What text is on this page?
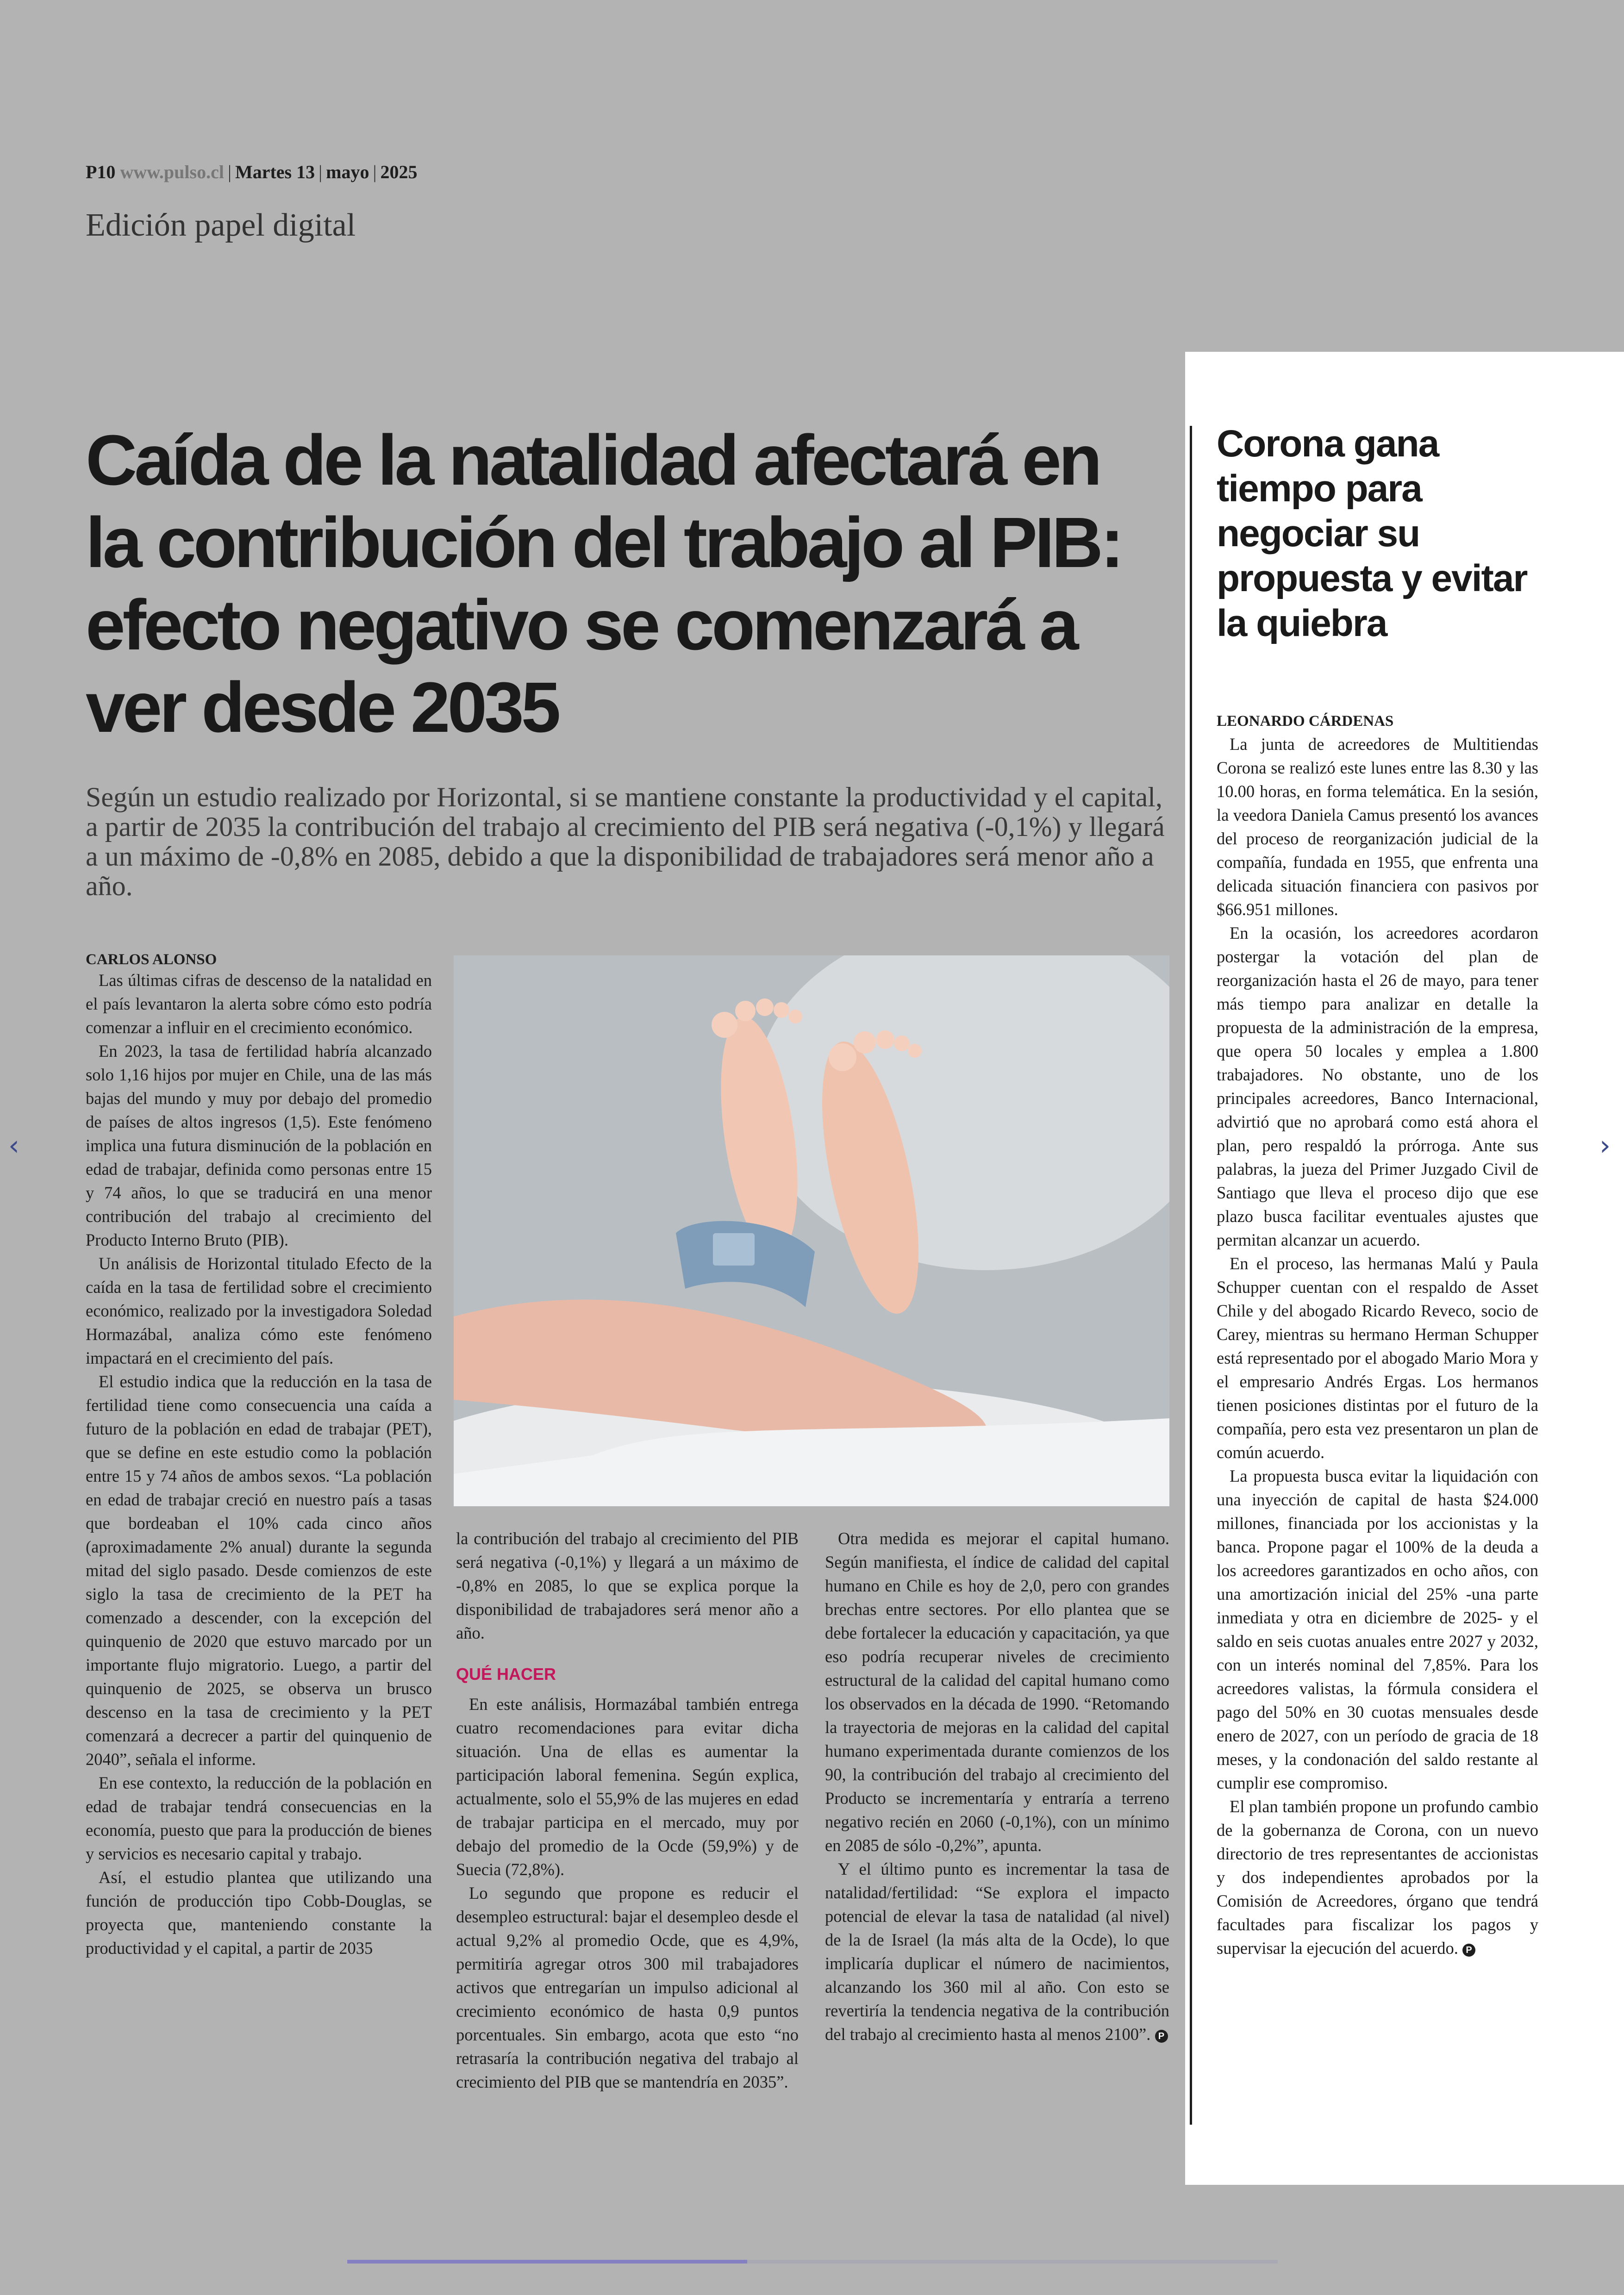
P10 www.pulso.cl | Martes 13 | mayo | 2025
Edición papel digital
Caída de la natalidad afectará en la contribución del trabajo al PIB: efecto negativo se comenzará a ver desde 2035

Según un estudio realizado por Horizontal, si se mantiene constante la productividad y el capital, a partir de 2035 la contribución del trabajo al crecimiento del PIB será negativa (-0,1%) y llegará a un máximo de -0,8% en 2085, debido a que la disponibilidad de trabajadores será menor año a año.

CARLOS ALONSO

Las últimas cifras de descenso de la natalidad en el país levantaron la alerta sobre cómo esto podría comenzar a influir en el crecimiento económico.

En 2023, la tasa de fertilidad habría alcanzado solo 1,16 hijos por mujer en Chile, una de las más bajas del mundo y muy por debajo del promedio de países de altos ingresos (1,5). Este fenómeno implica una futura disminución de la población en edad de trabajar, definida como personas entre 15 y 74 años, lo que se traducirá en una menor contribución del trabajo al crecimiento del Producto Interno Bruto (PIB).

Un análisis de Horizontal titulado Efecto de la caída en la tasa de fertilidad sobre el crecimiento económico, realizado por la investigadora Soledad Hormazábal, analiza cómo este fenómeno impactará en el crecimiento del país.

El estudio indica que la reducción en la tasa de fertilidad tiene como consecuencia una caída a futuro de la población en edad de trabajar (PET), que se define en este estudio como la población entre 15 y 74 años de ambos sexos. “La población en edad de trabajar creció en nuestro país a tasas que bordeaban el 10% cada cinco años (aproximadamente 2% anual) durante la segunda mitad del siglo pasado. Desde comienzos de este siglo la tasa de crecimiento de la PET ha comenzado a descender, con la excepción del quinquenio de 2020 que estuvo marcado por un importante flujo migratorio. Luego, a partir del quinquenio de 2025, se observa un brusco descenso en la tasa de crecimiento y la PET comenzará a decrecer a partir del quinquenio de 2040”, señala el informe.

En ese contexto, la reducción de la población en edad de trabajar tendrá consecuencias en la economía, puesto que para la producción de bienes y servicios es necesario capital y trabajo.

Así, el estudio plantea que utilizando una función de producción tipo Cobb-Douglas, se proyecta que, manteniendo constante la productividad y el capital, a partir de 2035

la contribución del trabajo al crecimiento del PIB será negativa (-0,1%) y llegará a un máximo de -0,8% en 2085, lo que se explica porque la disponibilidad de trabajadores será menor año a año.

QUÉ HACER

En este análisis, Hormazábal también entrega cuatro recomendaciones para evitar dicha situación. Una de ellas es aumentar la participación laboral femenina. Según explica, actualmente, solo el 55,9% de las mujeres en edad de trabajar participa en el mercado, muy por debajo del promedio de la Ocde (59,9%) y de Suecia (72,8%).

Lo segundo que propone es reducir el desempleo estructural: bajar el desempleo desde el actual 9,2% al promedio Ocde, que es 4,9%, permitiría agregar otros 300 mil trabajadores activos que entregarían un impulso adicional al crecimiento económico de hasta 0,9 puntos porcentuales. Sin embargo, acota que esto “no retrasaría la contribución negativa del trabajo al crecimiento del PIB que se mantendría en 2035”.

Otra medida es mejorar el capital humano. Según manifiesta, el índice de calidad del capital humano en Chile es hoy de 2,0, pero con grandes brechas entre sectores. Por ello plantea que se debe fortalecer la educación y capacitación, ya que eso podría recuperar niveles de crecimiento estructural de la calidad del capital humano como los observados en la década de 1990. “Retomando la trayectoria de mejoras en la calidad del capital humano experimentada durante comienzos de los 90, la contribución del trabajo al crecimiento del Producto se incrementaría y entraría a terreno negativo recién en 2060 (-0,1%), con un mínimo en 2085 de sólo -0,2%”, apunta.

Y el último punto es incrementar la tasa de natalidad/fertilidad: “Se explora el impacto potencial de elevar la tasa de natalidad (al nivel) de la de Israel (la más alta de la Ocde), lo que implicaría duplicar el número de nacimientos, alcanzando los 360 mil al año. Con esto se revertiría la tendencia negativa de la contribución del trabajo al crecimiento hasta al menos 2100”. P

Corona gana tiempo para negociar su propuesta y evitar la quiebra
LEONARDO CÁRDENAS

La junta de acreedores de Multitiendas Corona se realizó este lunes entre las 8.30 y las 10.00 horas, en forma telemática. En la sesión, la veedora Daniela Camus presentó los avances del proceso de reorganización judicial de la compañía, fundada en 1955, que enfrenta una delicada situación financiera con pasivos por $66.951 millones.

En la ocasión, los acreedores acordaron postergar la votación del plan de reorganización hasta el 26 de mayo, para tener más tiempo para analizar en detalle la propuesta de la administración de la empresa, que opera 50 locales y emplea a 1.800 trabajadores. No obstante, uno de los principales acreedores, Banco Internacional, advirtió que no aprobará como está ahora el plan, pero respaldó la prórroga. Ante sus palabras, la jueza del Primer Juzgado Civil de Santiago que lleva el proceso dijo que ese plazo busca facilitar eventuales ajustes que permitan alcanzar un acuerdo.

En el proceso, las hermanas Malú y Paula Schupper cuentan con el respaldo de Asset Chile y del abogado Ricardo Reveco, socio de Carey, mientras su hermano Herman Schupper está representado por el abogado Mario Mora y el empresario Andrés Ergas. Los hermanos tienen posiciones distintas por el futuro de la compañía, pero esta vez presentaron un plan de común acuerdo.

La propuesta busca evitar la liquidación con una inyección de capital de hasta $24.000 millones, financiada por los accionistas y la banca. Propone pagar el 100% de la deuda a los acreedores garantizados en ocho años, con una amortización inicial del 25% -una parte inmediata y otra en diciembre de 2025- y el saldo en seis cuotas anuales entre 2027 y 2032, con un interés nominal del 7,85%. Para los acreedores valistas, la fórmula considera el pago del 50% en 30 cuotas mensuales desde enero de 2027, con un período de gracia de 18 meses, y la condonación del saldo restante al cumplir ese compromiso.

El plan también propone un profundo cambio de la gobernanza de Corona, con un nuevo directorio de tres representantes de accionistas y dos independientes aprobados por la Comisión de Acreedores, órgano que tendrá facultades para fiscalizar los pagos y supervisar la ejecución del acuerdo. P

‹	›
